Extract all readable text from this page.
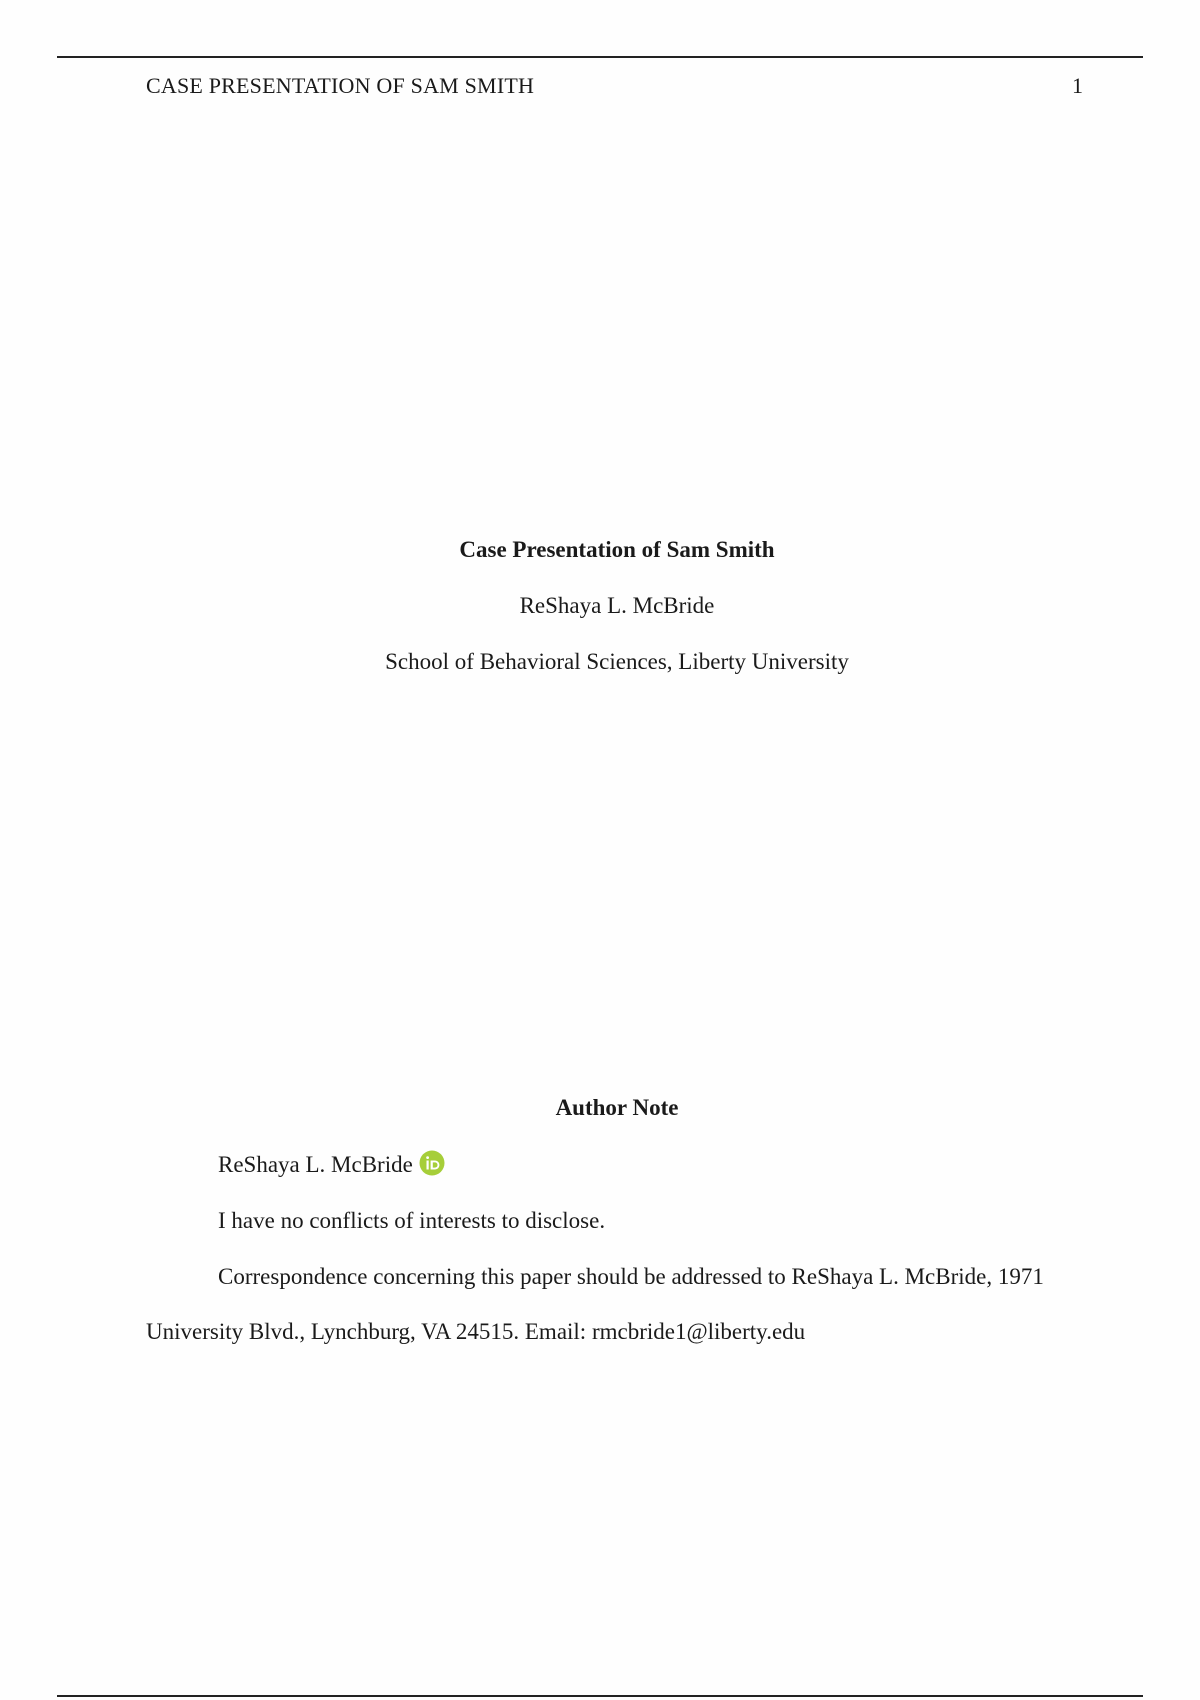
CASE PRESENTATION OF SAM SMITH	1
Case Presentation of Sam Smith
ReShaya L. McBride
School of Behavioral Sciences, Liberty University
Author Note
ReShaya L. McBride
I have no conflicts of interests to disclose.
Correspondence concerning this paper should be addressed to ReShaya L. McBride, 1971
University Blvd., Lynchburg, VA 24515. Email: rmcbride1@liberty.edu
